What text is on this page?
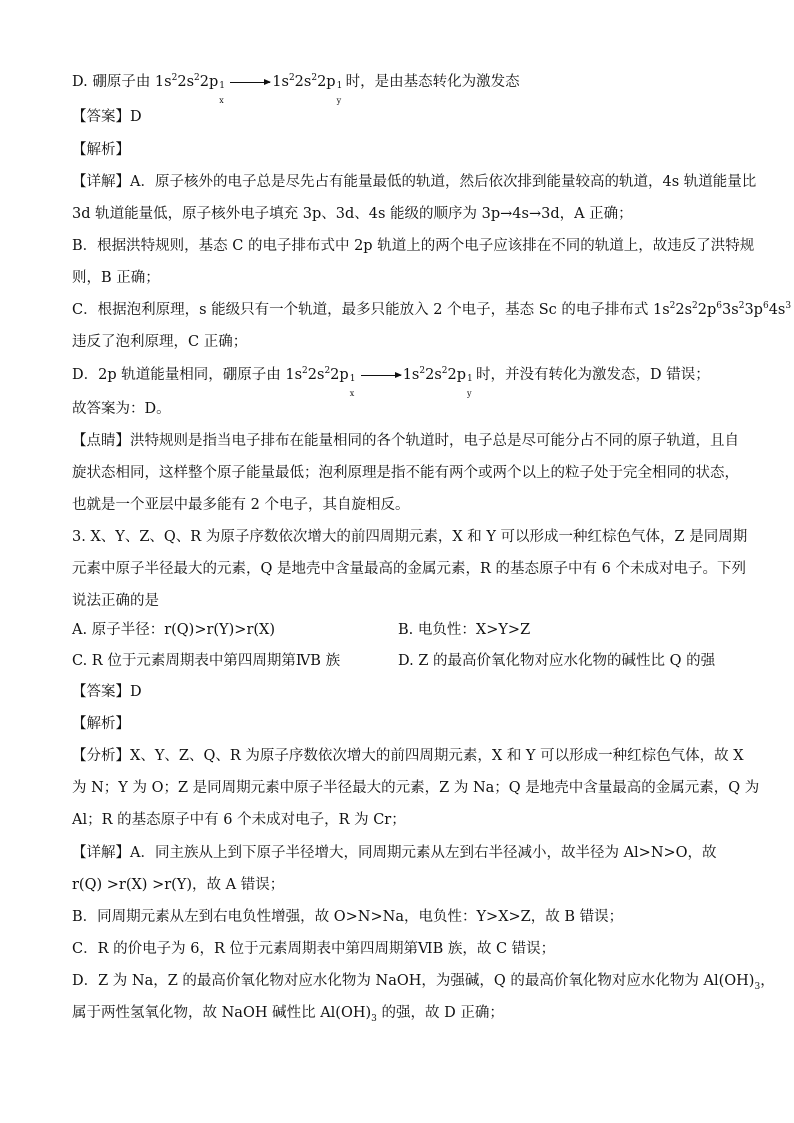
D. 硼原子由 $1s^22s^22p$ 1
x
$1s^22s^22p$ 1
y
时，是由基态转化为激发态
【答案】D
【解析】
【详解】A．原子核外的电子总是尽先占有能量最低的轨道，然后依次排到能量较高的轨道，4s 轨道能量比
3d 轨道能量低，原子核外电子填充 3p、3d、4s 能级的顺序为 3p→4s→3d，A 正确；
B．根据洪特规则，基态 C 的电子排布式中 2p 轨道上的两个电子应该排在不同的轨道上，故违反了洪特规
则，B 正确；
C．根据泡利原理，s 能级只有一个轨道，最多只能放入 2 个电子，基态 Sc 的电子排布式 $1s^22s^22p^63s^23p^64s^3$
违反了泡利原理，C 正确；
D．2p 轨道能量相同，硼原子由 $1s^22s^22p$ 1
x
$1s^22s^22p$ 1
y
时，并没有转化为激发态，D 错误；
故答案为：D。
【点睛】洪特规则是指当电子排布在能量相同的各个轨道时，电子总是尽可能分占不同的原子轨道，且自
旋状态相同，这样整个原子能量最低；泡利原理是指不能有两个或两个以上的粒子处于完全相同的状态，
也就是一个亚层中最多能有 2 个电子，其自旋相反。
3. X、Y、Z、Q、R 为原子序数依次增大的前四周期元素，X 和 Y 可以形成一种红棕色气体，Z 是同周期
元素中原子半径最大的元素，Q 是地壳中含量最高的金属元素，R 的基态原子中有 6 个未成对电子。下列
说法正确的是
A. 原子半径：r(Q)>r(Y)>r(X)	B. 电负性：X>Y>Z
C. R 位于元素周期表中第四周期第ⅣB 族	D. Z 的最高价氧化物对应水化物的碱性比 Q 的强
【答案】D
【解析】
【分析】X、Y、Z、Q、R 为原子序数依次增大的前四周期元素，X 和 Y 可以形成一种红棕色气体，故 X
为 N；Y 为 O；Z 是同周期元素中原子半径最大的元素，Z 为 Na；Q 是地壳中含量最高的金属元素，Q 为
Al；R 的基态原子中有 6 个未成对电子，R 为 Cr；
【详解】A．同主族从上到下原子半径增大，同周期元素从左到右半径减小，故半径为 Al>N>O，故
r(Q) >r(X) >r(Y)，故 A 错误；
B．同周期元素从左到右电负性增强，故 O>N>Na，电负性：Y>X>Z，故 B 错误；
C．R 的价电子为 6，R 位于元素周期表中第四周期第ⅥB 族，故 C 错误；
D．Z 为 Na，Z 的最高价氧化物对应水化物为 NaOH，为强碱，Q 的最高价氧化物对应水化物为 $Al(OH)_3$，
属于两性氢氧化物，故 NaOH 碱性比 $Al(OH)_3$ 的强，故 D 正确；
